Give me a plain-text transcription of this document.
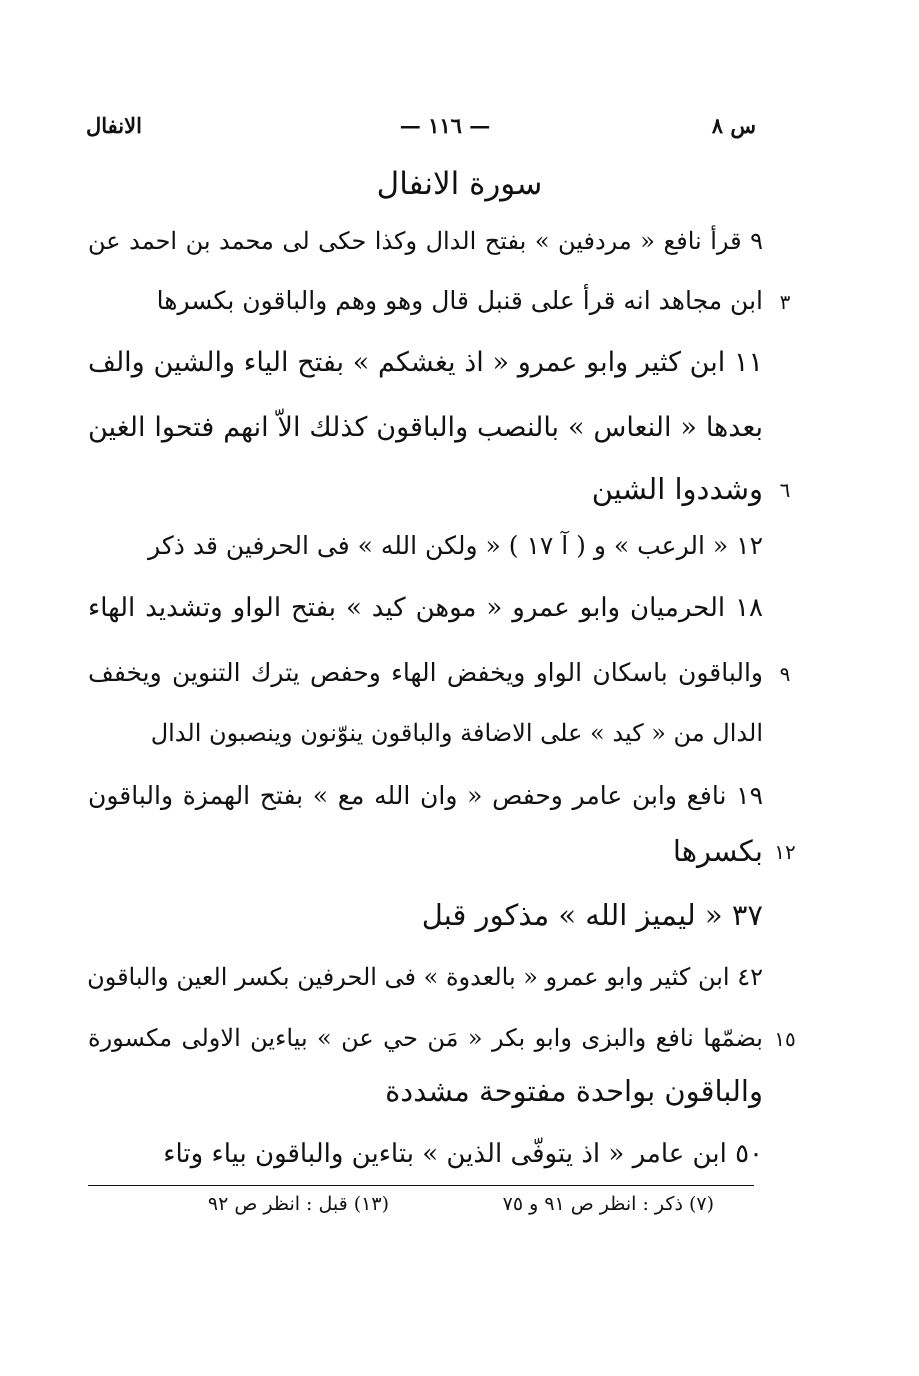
الانفال	— ١١٦ —	س ٨
سورة الانفال
٩ قرأ نافع « مردفين » بفتح الدال وكذا حكى لى محمد بن احمد عن
ابن مجاهد انه قرأ على قنبل قال وهو وهم والباقون بكسرها
١١ ابن كثير وابو عمرو « اذ يغشكم » بفتح الياء والشين والف
بعدها « النعاس » بالنصب والباقون كذلك الاّ انهم فتحوا الغين
وشددوا الشين
١٢ « الرعب » و ( آ ١٧ ) « ولكن الله » فى الحرفين قد ذكر
١٨ الحرميان وابو عمرو « موهن كيد » بفتح الواو وتشديد الهاء
والباقون باسكان الواو ويخفض الهاء وحفص يترك التنوين ويخفف
الدال من « كيد » على الاضافة والباقون ينوّنون وينصبون الدال
١٩ نافع وابن عامر وحفص « وان الله مع » بفتح الهمزة والباقون
بكسرها
٣٧ « ليميز الله » مذكور قبل
٤٢ ابن كثير وابو عمرو « بالعدوة » فى الحرفين بكسر العين والباقون
بضمّها نافع والبزى وابو بكر « مَن حي عن » بياءين الاولى مكسورة
والباقون بواحدة مفتوحة مشددة
٥٠ ابن عامر « اذ يتوفّى الذين » بتاءين والباقون بياء وتاء
٣
٦
٩
١٢
١٥
(٧) ذكر : انظر ص ٩١ و ٧٥
(١٣) قبل : انظر ص ٩٢
